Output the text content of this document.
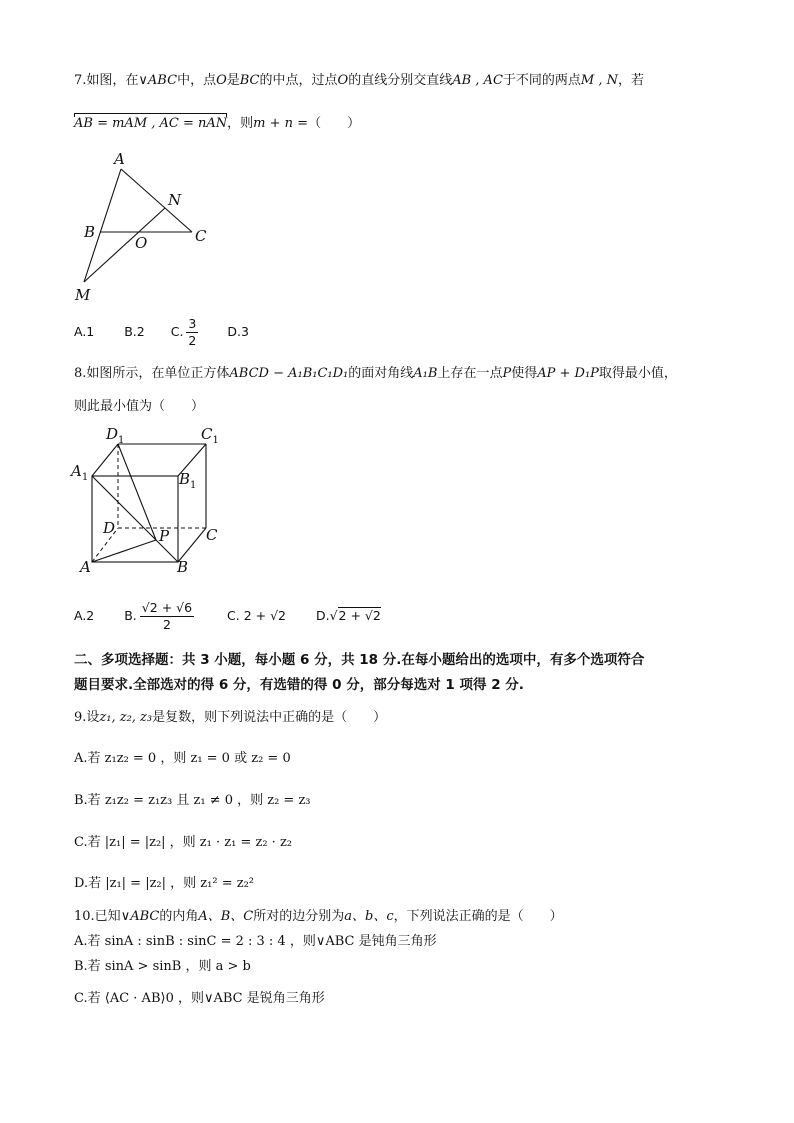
7.如图，在∨ABC中，点O是BC的中点，过点O的直线分别交直线AB , AC于不同的两点M , N，若
AB = mAM , AC = nAN，则m + n =（　　）
A
N
B
O	C
M
A.1 B.2 C. $\frac{3}{2} D.3$
8.如图所示，在单位正方体ABCD − A₁B₁C₁D₁的面对角线A₁B上存在一点P使得AP + D₁P取得最小值，
则此最小值为（　　）
$D_1$	$C_1$
$A_1$	$B_1$
D	P C
A	B
A.2 B. $\frac{√2 + √6}{2}$	C. 2 + √2 D.√2 + √2
二、多项选择题：共 3 小题，每小题 6 分，共 18 分.在每小题给出的选项中，有多个选项符合
题目要求.全部选对的得 6 分，有选错的得 0 分，部分每选对 1 项得 2 分.
9.设z₁, z₂, z₃是复数，则下列说法中正确的是（　　）
A.若 z₁z₂ = 0 ，则 z₁ = 0 或 z₂ = 0
B.若 z₁z₂ = z₁z₃ 且 z₁ ≠ 0 ，则 z₂ = z₃
C.若 |z₁| = |z₂| ，则 z₁ · z₁ = z₂ · z₂
D.若 |z₁| = |z₂| ，则 z₁² = z₂²
10.已知∨ABC的内角A、B、C所对的边分别为a、b、c，下列说法正确的是（　　）
A.若 sinA : sinB : sinC = 2 : 3 : 4 ，则∨ABC 是钝角三角形
B.若 sinA > sinB ，则 a > b
C.若 ⟨AC · AB⟩0 ，则∨ABC 是锐角三角形
